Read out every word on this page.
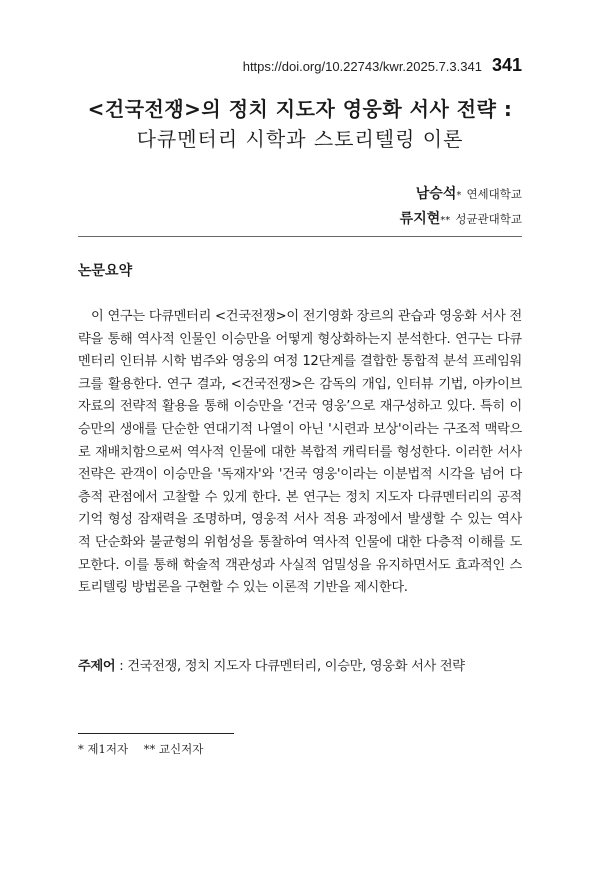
https://doi.org/10.22743/kwr.2025.7.3.341 341
<건국전쟁>의 정치 지도자 영웅화 서사 전략 :
다큐멘터리 시학과 스토리텔링 이론
남승석* 연세대학교
류지현** 성균관대학교
논문요약

이 연구는 다큐멘터리 <건국전쟁>이 전기영화 장르의 관습과 영웅화 서사 전략을 통해 역사적 인물인 이승만을 어떻게 형상화하는지 분석한다. 연구는 다큐멘터리 인터뷰 시학 범주와 영웅의 여정 12단계를 결합한 통합적 분석 프레임워크를 활용한다. 연구 결과, <건국전쟁>은 감독의 개입, 인터뷰 기법, 아카이브 자료의 전략적 활용을 통해 이승만을 ‘건국 영웅’으로 재구성하고 있다. 특히 이승만의 생애를 단순한 연대기적 나열이 아닌 '시련과 보상'이라는 구조적 맥락으로 재배치함으로써 역사적 인물에 대한 복합적 캐릭터를 형성한다. 이러한 서사 전략은 관객이 이승만을 '독재자'와 '건국 영웅'이라는 이분법적 시각을 넘어 다층적 관점에서 고찰할 수 있게 한다. 본 연구는 정치 지도자 다큐멘터리의 공적 기억 형성 잠재력을 조명하며, 영웅적 서사 적용 과정에서 발생할 수 있는 역사적 단순화와 불균형의 위험성을 통찰하여 역사적 인물에 대한 다층적 이해를 도모한다. 이를 통해 학술적 객관성과 사실적 엄밀성을 유지하면서도 효과적인 스토리텔링 방법론을 구현할 수 있는 이론적 기반을 제시한다.

주제어 : 건국전쟁, 정치 지도자 다큐멘터리, 이승만, 영웅화 서사 전략
* 제1저자 ** 교신저자
